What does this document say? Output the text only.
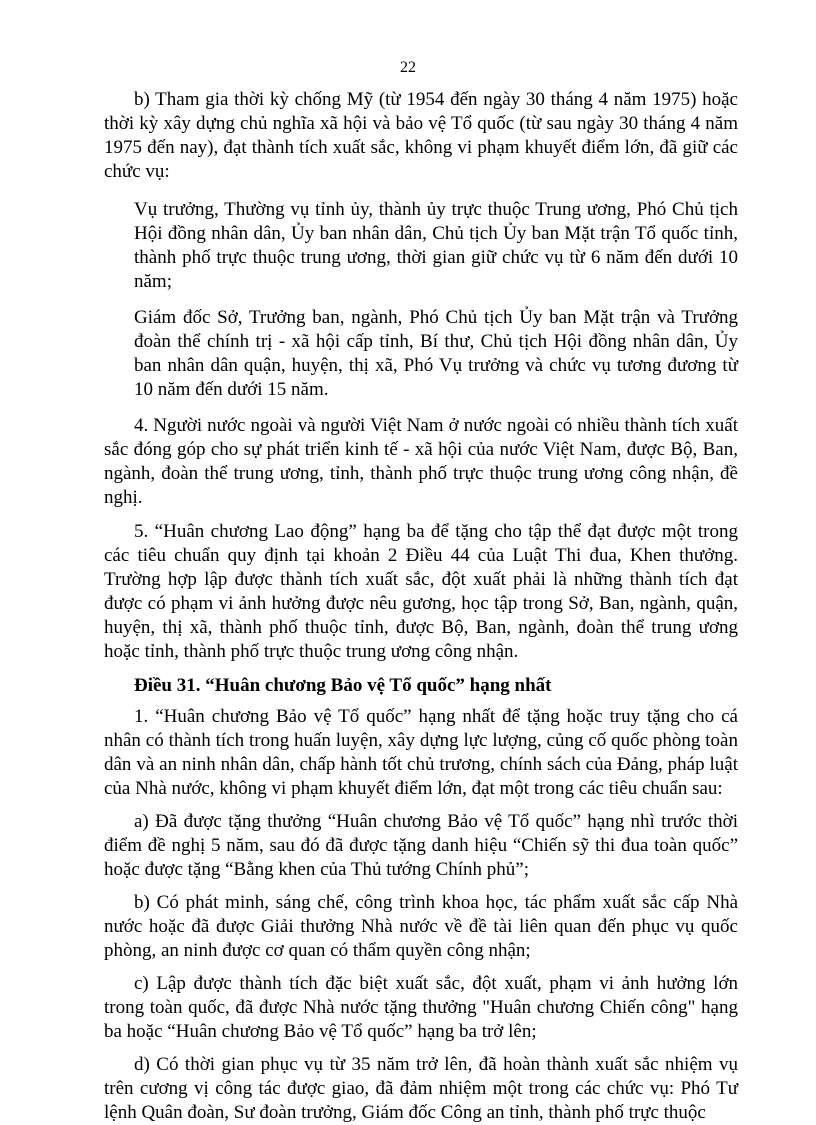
22

b) Tham gia thời kỳ chống Mỹ (từ 1954 đến ngày 30 tháng 4 năm 1975) hoặc thời kỳ xây dựng chủ nghĩa xã hội và bảo vệ Tổ quốc (từ sau ngày 30 tháng 4 năm 1975 đến nay), đạt thành tích xuất sắc, không vi phạm khuyết điểm lớn, đã giữ các chức vụ:

Vụ trưởng, Thường vụ tỉnh ủy, thành ủy trực thuộc Trung ương, Phó Chủ tịch Hội đồng nhân dân, Ủy ban nhân dân, Chủ tịch Ủy ban Mặt trận Tổ quốc tỉnh, thành phố trực thuộc trung ương, thời gian giữ chức vụ từ 6 năm đến dưới 10 năm;

Giám đốc Sở, Trưởng ban, ngành, Phó Chủ tịch Ủy ban Mặt trận và Trưởng đoàn thể chính trị - xã hội cấp tỉnh, Bí thư, Chủ tịch Hội đồng nhân dân, Ủy ban nhân dân quận, huyện, thị xã, Phó Vụ trưởng và chức vụ tương đương từ 10 năm đến dưới 15 năm.

4. Người nước ngoài và người Việt Nam ở nước ngoài có nhiều thành tích xuất sắc đóng góp cho sự phát triển kinh tế - xã hội của nước Việt Nam, được Bộ, Ban, ngành, đoàn thể trung ương, tỉnh, thành phố trực thuộc trung ương công nhận, đề nghị.

5. “Huân chương Lao động” hạng ba để tặng cho tập thể đạt được một trong các tiêu chuẩn quy định tại khoản 2 Điều 44 của Luật Thi đua, Khen thưởng. Trường hợp lập được thành tích xuất sắc, đột xuất phải là những thành tích đạt được có phạm vi ảnh hưởng được nêu gương, học tập trong Sở, Ban, ngành, quận, huyện, thị xã, thành phố thuộc tỉnh, được Bộ, Ban, ngành, đoàn thể trung ương hoặc tỉnh, thành phố trực thuộc trung ương công nhận.

Điều 31. “Huân chương Bảo vệ Tổ quốc” hạng nhất

1. “Huân chương Bảo vệ Tổ quốc” hạng nhất để tặng hoặc truy tặng cho cá nhân có thành tích trong huấn luyện, xây dựng lực lượng, củng cố quốc phòng toàn dân và an ninh nhân dân, chấp hành tốt chủ trương, chính sách của Đảng, pháp luật của Nhà nước, không vi phạm khuyết điểm lớn, đạt một trong các tiêu chuẩn sau:

a) Đã được tặng thưởng “Huân chương Bảo vệ Tổ quốc” hạng nhì trước thời điểm đề nghị 5 năm, sau đó đã được tặng danh hiệu “Chiến sỹ thi đua toàn quốc” hoặc được tặng “Bằng khen của Thủ tướng Chính phủ”;

b) Có phát minh, sáng chế, công trình khoa học, tác phẩm xuất sắc cấp Nhà nước hoặc đã được Giải thưởng Nhà nước về đề tài liên quan đến phục vụ quốc phòng, an ninh được cơ quan có thẩm quyền công nhận;

c) Lập được thành tích đặc biệt xuất sắc, đột xuất, phạm vi ảnh hưởng lớn trong toàn quốc, đã được Nhà nước tặng thưởng "Huân chương Chiến công" hạng ba hoặc “Huân chương Bảo vệ Tổ quốc” hạng ba trở lên;

d) Có thời gian phục vụ từ 35 năm trở lên, đã hoàn thành xuất sắc nhiệm vụ trên cương vị công tác được giao, đã đảm nhiệm một trong các chức vụ: Phó Tư lệnh Quân đoàn, Sư đoàn trưởng, Giám đốc Công an tỉnh, thành phố trực thuộc
